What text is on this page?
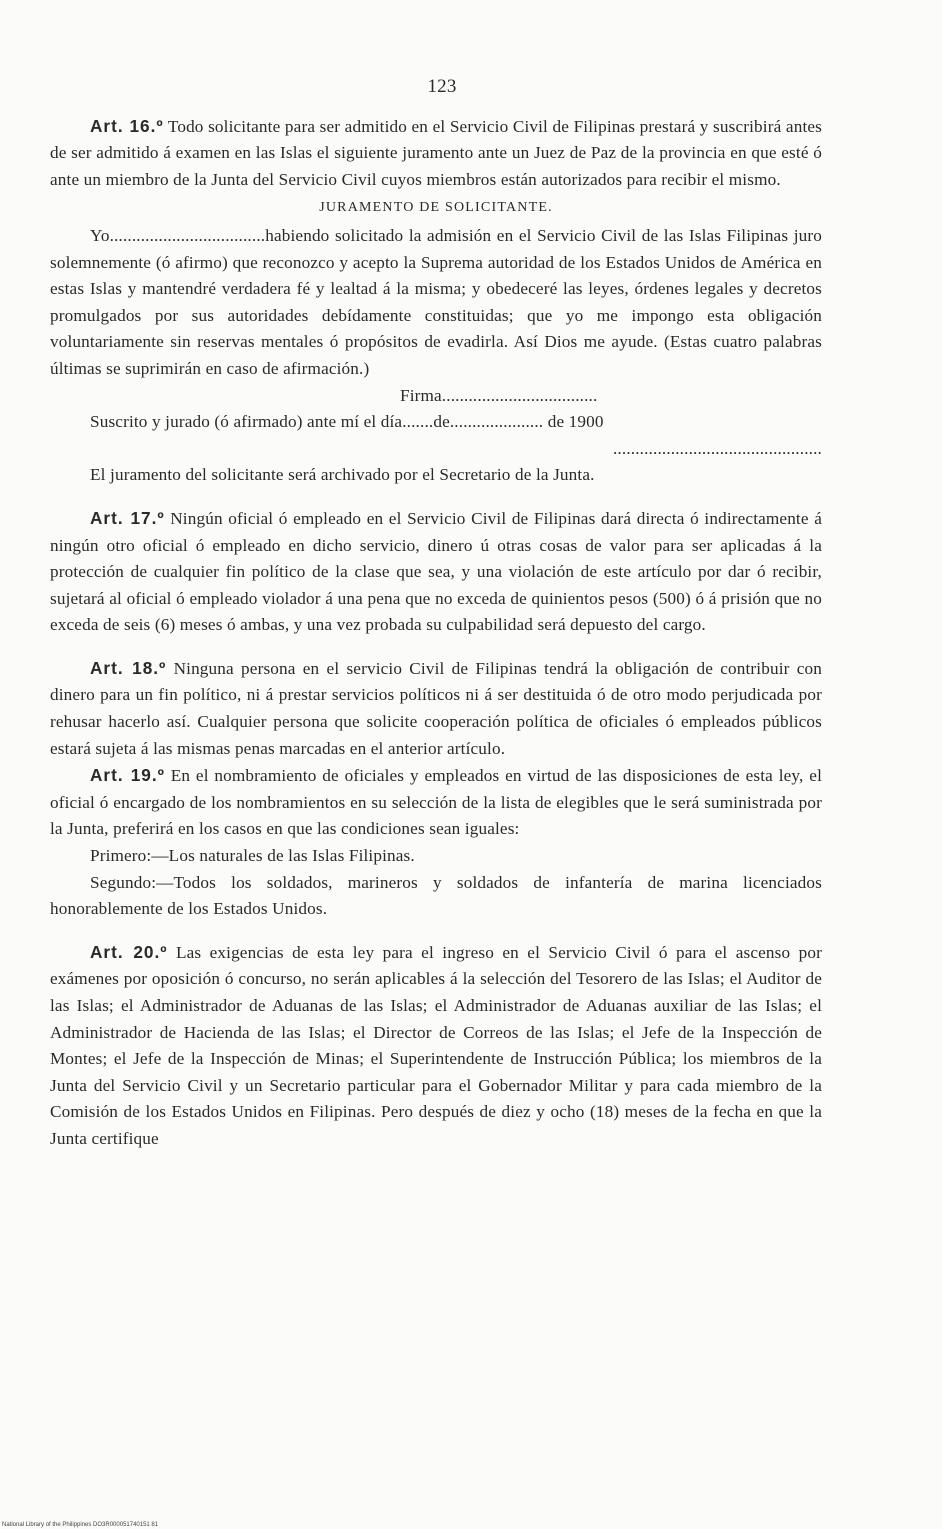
123

Art. 16.º Todo solicitante para ser admitido en el Servicio Civil de Filipinas prestará y suscribirá antes de ser admitido á examen en las Islas el siguiente juramento ante un Juez de Paz de la provincia en que esté ó ante un miembro de la Junta del Servicio Civil cuyos miembros están autorizados para recibir el mismo.

JURAMENTO DE SOLICITANTE.

Yo...................................habiendo solicitado la admisión en el Servicio Civil de las Islas Filipinas juro solemnemente (ó afirmo) que reconozco y acepto la Suprema autoridad de los Estados Unidos de América en estas Islas y mantendré verdadera fé y lealtad á la misma; y obedeceré las leyes, órdenes legales y decretos promulgados por sus autoridades debídamente constituidas; que yo me impongo esta obligación voluntariamente sin reservas mentales ó propósitos de evadirla. Así Dios me ayude. (Estas cuatro palabras últimas se suprimirán en caso de afirmación.)

Firma...................................

Suscrito y jurado (ó afirmado) ante mí el día.......de..................... de 1900

...............................................

El juramento del solicitante será archivado por el Secretario de la Junta.

Art. 17.º Ningún oficial ó empleado en el Servicio Civil de Filipinas dará directa ó indirectamente á ningún otro oficial ó empleado en dicho servicio, dinero ú otras cosas de valor para ser aplicadas á la protección de cualquier fin político de la clase que sea, y una violación de este artículo por dar ó recibir, sujetará al oficial ó empleado violador á una pena que no exceda de quinientos pesos (500) ó á prisión que no exceda de seis (6) meses ó ambas, y una vez probada su culpabilidad será depuesto del cargo.

Art. 18.º Ninguna persona en el servicio Civil de Filipinas tendrá la obligación de contribuir con dinero para un fin político, ni á prestar servicios políticos ni á ser destituida ó de otro modo perjudicada por rehusar hacerlo así. Cualquier persona que solicite cooperación política de oficiales ó empleados públicos estará sujeta á las mismas penas marcadas en el anterior artículo.

Art. 19.º En el nombramiento de oficiales y empleados en virtud de las disposiciones de esta ley, el oficial ó encargado de los nombramientos en su selección de la lista de elegibles que le será suministrada por la Junta, preferirá en los casos en que las condiciones sean iguales:

Primero:—Los naturales de las Islas Filipinas.

Segundo:—Todos los soldados, marineros y soldados de infantería de marina licenciados honorablemente de los Estados Unidos.

Art. 20.º Las exigencias de esta ley para el ingreso en el Servicio Civil ó para el ascenso por exámenes por oposición ó concurso, no serán aplicables á la selección del Tesorero de las Islas; el Auditor de las Islas; el Administrador de Aduanas de las Islas; el Administrador de Aduanas auxiliar de las Islas; el Administrador de Hacienda de las Islas; el Director de Correos de las Islas; el Jefe de la Inspección de Montes; el Jefe de la Inspección de Minas; el Superintendente de Instrucción Pública; los miembros de la Junta del Servicio Civil y un Secretario particular para el Gobernador Militar y para cada miembro de la Comisión de los Estados Unidos en Filipinas. Pero después de diez y ocho (18) meses de la fecha en que la Junta certifique

National Library of the Philippines DO3R000051740151 81
